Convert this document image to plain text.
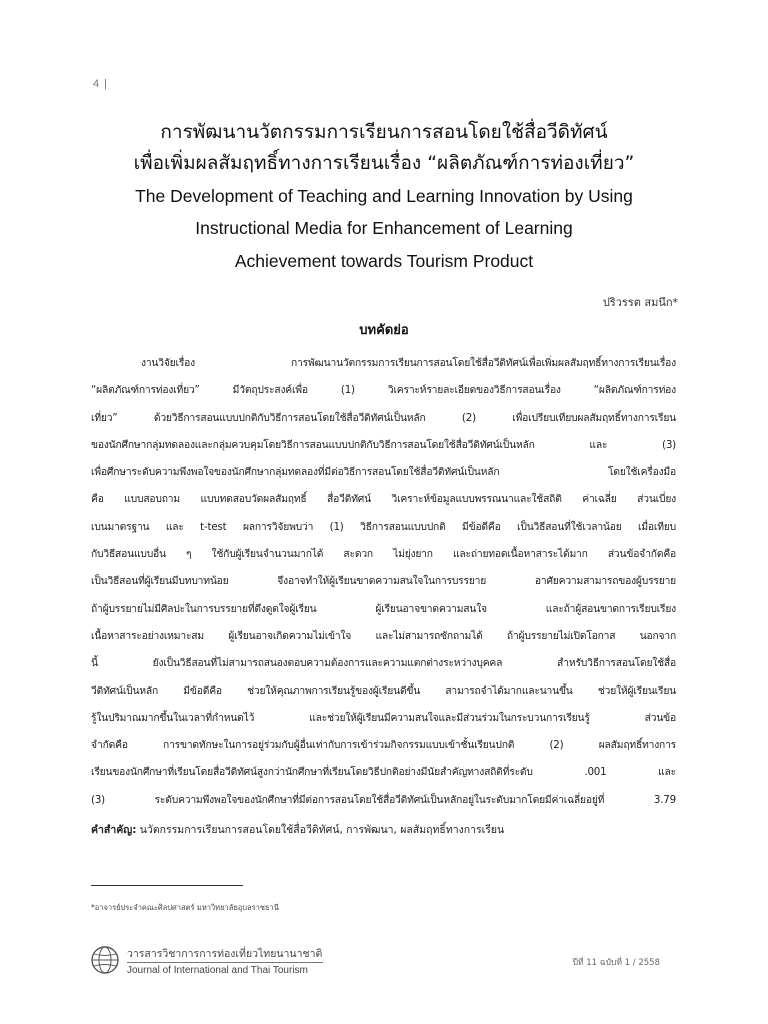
4 |
การพัฒนานวัตกรรมการเรียนการสอนโดยใช้สื่อวีดิทัศน์
เพื่อเพิ่มผลสัมฤทธิ์ทางการเรียนเรื่อง “ผลิตภัณฑ์การท่องเที่ยว”
The Development of Teaching and Learning Innovation by Using
Instructional Media for Enhancement of Learning
Achievement towards Tourism Product
ปริวรรต สมนึก*
บทคัดย่อ
งานวิจัยเรื่อง การพัฒนานวัตกรรมการเรียนการสอนโดยใช้สื่อวีดิทัศน์เพื่อเพิ่มผลสัมฤทธิ์ทางการเรียนเรื่อง
“ผลิตภัณฑ์การท่องเที่ยว” มีวัตถุประสงค์เพื่อ (1) วิเคราะห์รายละเอียดของวิธีการสอนเรื่อง “ผลิตภัณฑ์การท่อง
เที่ยว” ด้วยวิธีการสอนแบบปกติกับวิธีการสอนโดยใช้สื่อวีดิทัศน์เป็นหลัก (2) เพื่อเปรียบเทียบผลสัมฤทธิ์ทางการเรียน
ของนักศึกษากลุ่มทดลองและกลุ่มควบคุมโดยวิธีการสอนแบบปกติกับวิธีการสอนโดยใช้สื่อวีดิทัศน์เป็นหลัก และ (3)
เพื่อศึกษาระดับความพึงพอใจของนักศึกษากลุ่มทดลองที่มีต่อวิธีการสอนโดยใช้สื่อวีดิทัศน์เป็นหลัก โดยใช้เครื่องมือ
คือ แบบสอบถาม แบบทดสอบวัดผลสัมฤทธิ์ สื่อวีดิทัศน์ วิเคราะห์ข้อมูลแบบพรรณนาและใช้สถิติ ค่าเฉลี่ย ส่วนเบี่ยง
เบนมาตรฐาน และ t-test ผลการวิจัยพบว่า (1) วิธีการสอนแบบปกติ มีข้อดีคือ เป็นวิธีสอนที่ใช้เวลาน้อย เมื่อเทียบ
กับวิธีสอนแบบอื่น ๆ ใช้กับผู้เรียนจำนวนมากได้ สะดวก ไม่ยุ่งยาก และถ่ายทอดเนื้อหาสาระได้มาก ส่วนข้อจำกัดคือ
เป็นวิธีสอนที่ผู้เรียนมีบทบาทน้อย จึงอาจทำให้ผู้เรียนขาดความสนใจในการบรรยาย อาศัยความสามารถของผู้บรรยาย
ถ้าผู้บรรยายไม่มีศิลปะในการบรรยายที่ดึงดูดใจผู้เรียน ผู้เรียนอาจขาดความสนใจ และถ้าผู้สอนขาดการเรียบเรียง
เนื้อหาสาระอย่างเหมาะสม ผู้เรียนอาจเกิดความไม่เข้าใจ และไม่สามารถซักถามได้ ถ้าผู้บรรยายไม่เปิดโอกาส นอกจาก
นี้ ยังเป็นวิธีสอนที่ไม่สามารถสนองตอบความต้องการและความแตกต่างระหว่างบุคคล สำหรับวิธีการสอนโดยใช้สื่อ
วีดิทัศน์เป็นหลัก มีข้อดีคือ ช่วยให้คุณภาพการเรียนรู้ของผู้เรียนดีขึ้น สามารถจำได้มากและนานขึ้น ช่วยให้ผู้เรียนเรียน
รู้ในปริมาณมากขึ้นในเวลาที่กำหนดไว้ และช่วยให้ผู้เรียนมีความสนใจและมีส่วนร่วมในกระบวนการเรียนรู้ ส่วนข้อ
จำกัดคือ การขาดทักษะในการอยู่ร่วมกับผู้อื่นเท่ากับการเข้าร่วมกิจกรรมแบบเข้าชั้นเรียนปกติ (2) ผลสัมฤทธิ์ทางการ
เรียนของนักศึกษาที่เรียนโดยสื่อวีดิทัศน์สูงกว่านักศึกษาที่เรียนโดยวิธีปกติอย่างมีนัยสำคัญทางสถิติที่ระดับ .001 และ
(3) ระดับความพึงพอใจของนักศึกษาที่มีต่อการสอนโดยใช้สื่อวีดิทัศน์เป็นหลักอยู่ในระดับมากโดยมีค่าเฉลี่ยอยู่ที่ 3.79
คำสำคัญ: นวัตกรรมการเรียนการสอนโดยใช้สื่อวีดิทัศน์, การพัฒนา, ผลสัมฤทธิ์ทางการเรียน
*อาจารย์ประจำคณะศิลปศาสตร์ มหาวิทยาลัยอุบลราชธานี
วารสารวิชาการการท่องเที่ยวไทยนานาชาติ
Journal of International and Thai Tourism
ปีที่ 11 ฉบับที่ 1 / 2558
